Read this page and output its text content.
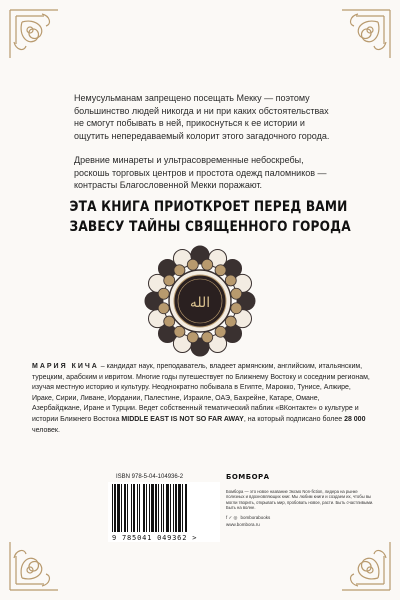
Немусульманам запрещено посещать Мекку — поэтому большинство людей никогда и ни при каких обстоятельствах не смогут побывать в ней, прикоснуться к ее истории и ощутить непередаваемый колорит этого загадочного города.

Древние минареты и ультрасовременные небоскребы, роскошь торговых центров и простота одежд паломников — контрасты Благословенной Мекки поражают.

ЭТА КНИГА ПРИОТКРОЕТ ПЕРЕД ВАМИ
ЗАВЕСУ ТАЙНЫ СВЯЩЕННОГО ГОРОДА
الله

МАРИЯ КИЧА – кандидат наук, преподаватель, владеет армянским, английским, итальянским, турецким, арабским и ивритом. Многие годы путешествует по Ближнему Востоку и соседним регионам, изучая местную историю и культуру. Неоднократно побывала в Египте, Марокко, Тунисе, Алжире, Ираке, Сирии, Ливане, Иордании, Палестине, Израиле, ОАЭ, Бахрейне, Катаре, Омане, Азербайджане, Иране и Турции. Ведет собственный тематический паблик «ВКонтакте» о культуре и истории Ближнего Востока MIDDLE EAST IS NOT SO FAR AWAY, на который подписано более 28 000 человек.

ISBN 978-5-04-104936-2
9 785041 049362 >
БОМБОРА
Бомбора — это новое название Эксмо Non-fiction, лидера на рынке полезных и вдохновляющих книг. Мы любим книги и создаем их, чтобы вы могли творить, открывать мир, пробовать новое, расти. Быть счастливыми. Быть на волне.
f ✓ ◎ bomborabooks
www.bombora.ru
